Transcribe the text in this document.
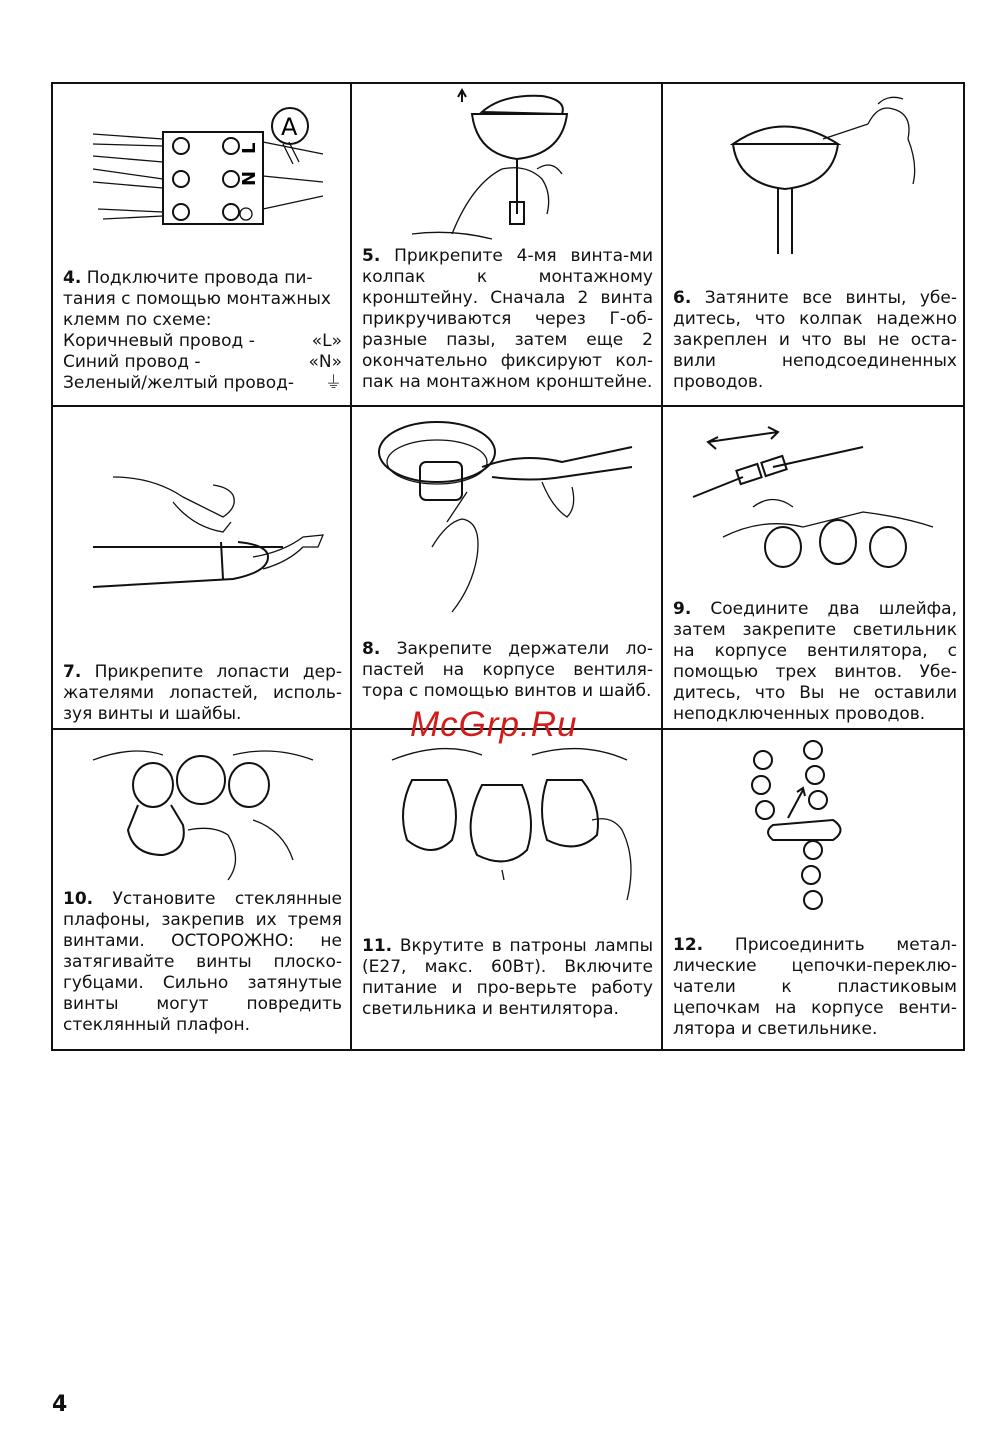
L
N
A
4. Подключите провода пи-
тания с помощью монтажных
клемм по схеме:
Коричневый провод -	«L»
Синий провод -	«N»
Зеленый/желтый провод- ⏚
5. Прикрепите 4-мя винта-ми колпак к монтажному кронштейну. Сначала 2 винта прикручиваются через Г-об-разные пазы, затем еще 2 окончательно фиксируют кол-пак на монтажном кронштейне.
6. Затяните все винты, убе-дитесь, что колпак надежно закреплен и что вы не оста-вили неподсоединенных проводов.
7. Прикрепите лопасти дер-жателями лопастей, исполь-зуя винты и шайбы.
8. Закрепите держатели ло-пастей на корпусе вентиля-тора с помощью винтов и шайб.
9. Соедините два шлейфа, затем закрепите светильник на корпусе вентилятора, с помощью трех винтов. Убе-дитесь, что Вы не оставили неподключенных проводов.
10. Установите стеклянные плафоны, закрепив их тремя винтами. ОСТОРОЖНО: не затягивайте винты плоско-губцами. Сильно затянутые винты могут повредить стеклянный плафон.
11. Вкрутите в патроны лампы (Е27, макс. 60Вт). Включите питание и про-верьте работу светильника и вентилятора.
12. Присоединить метал-лические цепочки-переклю-чатели к пластиковым цепочкам на корпусе венти-лятора и светильнике.
McGrp.Ru
4
